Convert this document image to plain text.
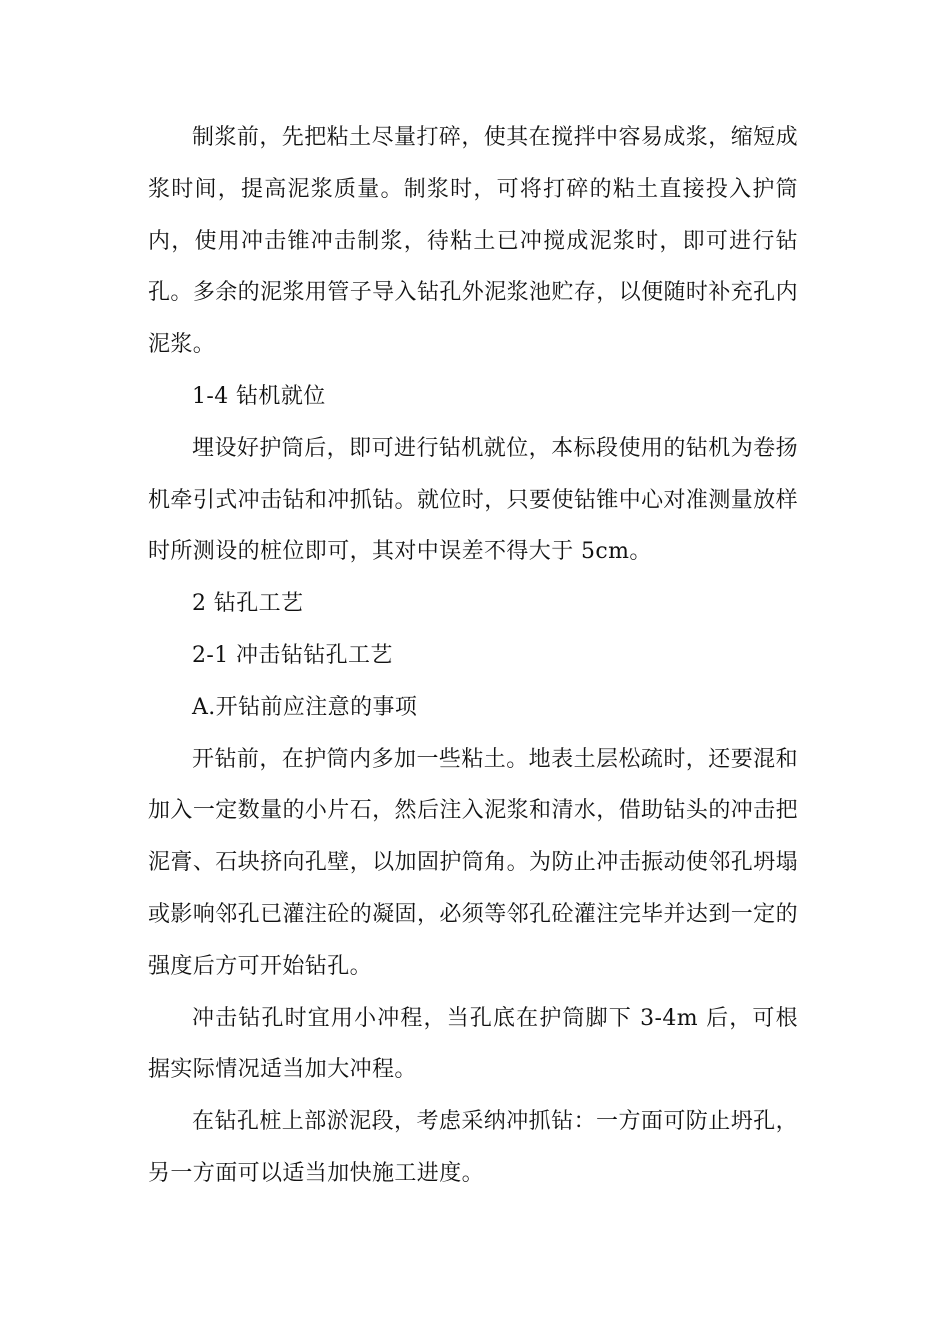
制浆前，先把粘土尽量打碎，使其在搅拌中容易成浆，缩短成浆时间，提高泥浆质量。制浆时，可将打碎的粘土直接投入护筒内，使用冲击锥冲击制浆，待粘土已冲搅成泥浆时，即可进行钻孔。多余的泥浆用管子导入钻孔外泥浆池贮存，以便随时补充孔内泥浆。

1-4 钻机就位

埋设好护筒后，即可进行钻机就位，本标段使用的钻机为卷扬机牵引式冲击钻和冲抓钻。就位时，只要使钻锥中心对准测量放样时所测设的桩位即可，其对中误差不得大于 5cm。

2 钻孔工艺

2-1 冲击钻钻孔工艺

A.开钻前应注意的事项

开钻前，在护筒内多加一些粘土。地表土层松疏时，还要混和加入一定数量的小片石，然后注入泥浆和清水，借助钻头的冲击把泥膏、石块挤向孔壁，以加固护筒角。为防止冲击振动使邻孔坍塌或影响邻孔已灌注砼的凝固，必须等邻孔砼灌注完毕并达到一定的强度后方可开始钻孔。

冲击钻孔时宜用小冲程，当孔底在护筒脚下 3-4m 后，可根据实际情况适当加大冲程。

在钻孔桩上部淤泥段，考虑采纳冲抓钻：一方面可防止坍孔，另一方面可以适当加快施工进度。
